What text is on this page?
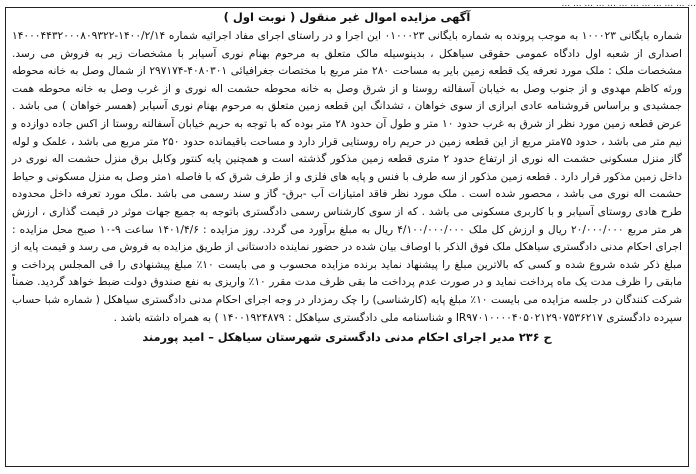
... ... ... ... ... ... ... ... ... ... ... ...
آگهی مزایده اموال غیر منقول ( نوبت اول )
شماره بایگانی ۱۰۰۰۲۳ به موجب پرونده به شماره بایگانی ۰۱۰۰۰۲۳ این اجرا و در راستای اجرای مفاد اجرائیه شماره ۱۴۰۰/۲/۱۴-۱۴۰۰۰۴۴۳۲۰۰۰۸۰۹۳۲۲ اصداری از شعبه اول دادگاه عمومی حقوقی سیاهکل ، بدینوسیله مالک متعلق به مرحوم بهنام نوری آسیابر با مشخصات زیر به فروش می رسد. مشخصات ملک : ملک مورد تعرفه یک قطعه زمین بایر به مساحت ۲۸۰ متر مربع با مختصات جغرافیائی ۴۰۸۰۳۰۱-۲۹۷۱۷۴ از شمال وصل به خانه محوطه ورثه کاظم مهدوی و از جنوب وصل به خیابان آسفالته روستا و از شرق وصل به خانه محوطه حشمت اله نوری و از غرب وصل به خانه محوطه همت جمشیدی و براساس قروشنامه عادی ابرازی از سوی خواهان ، تشدانگ این قطعه زمین متعلق به مرحوم بهنام نوری آسیابر (همسر خواهان ) می باشد . عرض قطعه زمین مورد نظر از شرق به غرب حدود ۱۰ متر و طول آن حدود ۲۸ متر بوده که با توجه به حریم خیابان آسفالته روستا از اکس جاده دوازده و نیم متر می باشد ، حدود ۷۵متر مربع از این قطعه زمین در حریم راه روستایی قرار دارد و مساحت باقیمانده حدود ۲۵۰ متر مربع می باشد ، علمک و لوله گاز منزل مسکونی حشمت اله نوری از ارتفاع حدود ۲ متری قطعه زمین مذکور گذشته است و همچنین پایه کنتور وکابل برق منزل حشمت اله نوری در داخل زمین مذکور قرار دارد . قطعه زمین مذکور از سه طرف با فنس و پایه های فلزی و از طرف شرق که با فاصله ۱متر وصل به منزل مسکونی و حیاط حشمت اله نوری می باشد ، محصور شده است . ملک مورد نظر فاقد امتیازات آب -برق- گاز و سند رسمی می باشد .ملک مورد تعرفه داخل محدوده طرح هادی روستای آسیابر و با کاربری مسکونی می باشد . که از سوی کارشناس رسمی دادگستری باتوجه به جمیع جهات موثر در قیمت گذاری ، ارزش هر متر مربع ۲۰/۰۰۰/۰۰۰ ریال و ارزش کل ملک ۴/۱۰۰/۰۰۰/۰۰۰ ریال به مبلغ برآورد می گردد. روز مزایده : ۱۴۰۱/۴/۶ ساعت ۹-۱۰ صبح محل مزایده : اجرای احکام مدنی دادگستری سیاهکل ملک فوق الذکر با اوصاف بیان شده در حضور نماینده دادستانی از طریق مزایده به فروش می رسد و قیمت پایه از مبلغ ذکر شده شروع شده و کسی که بالاترین مبلغ را پیشنهاد نماید برنده مزایده محسوب و می بایست ۱۰٪ مبلغ پیشنهادی را فی المجلس پرداخت و مابقی را ظرف مدت یک ماه پرداخت نماید و در صورت عدم پرداخت ما بقی ظرف مدت مقرر ۱۰٪ واریزی به نفع صندوق دولت ضبط خواهد گردید. ضمناً شرکت کنندگان در جلسه مزایده می بایست ۱۰٪ مبلغ پایه (کارشناسی) را چک رمزدار در وجه اجرای احکام مدنی دادگستری سیاهکل ( شماره شبا حساب سپرده دادگستری IR۹۷۰۱۰۰۰۰۴۰۵۰۲۱۲۹۰۷۵۳۶۲۱۷ و شناسنامه ملی دادگستری سیاهکل : ۱۴۰۰۱۹۲۴۸۷۹ ) به همراه داشته باشد .
ح ۲۳۶ مدیر اجرای احکام مدنی دادگستری شهرستان سیاهکل – امید پورمند
